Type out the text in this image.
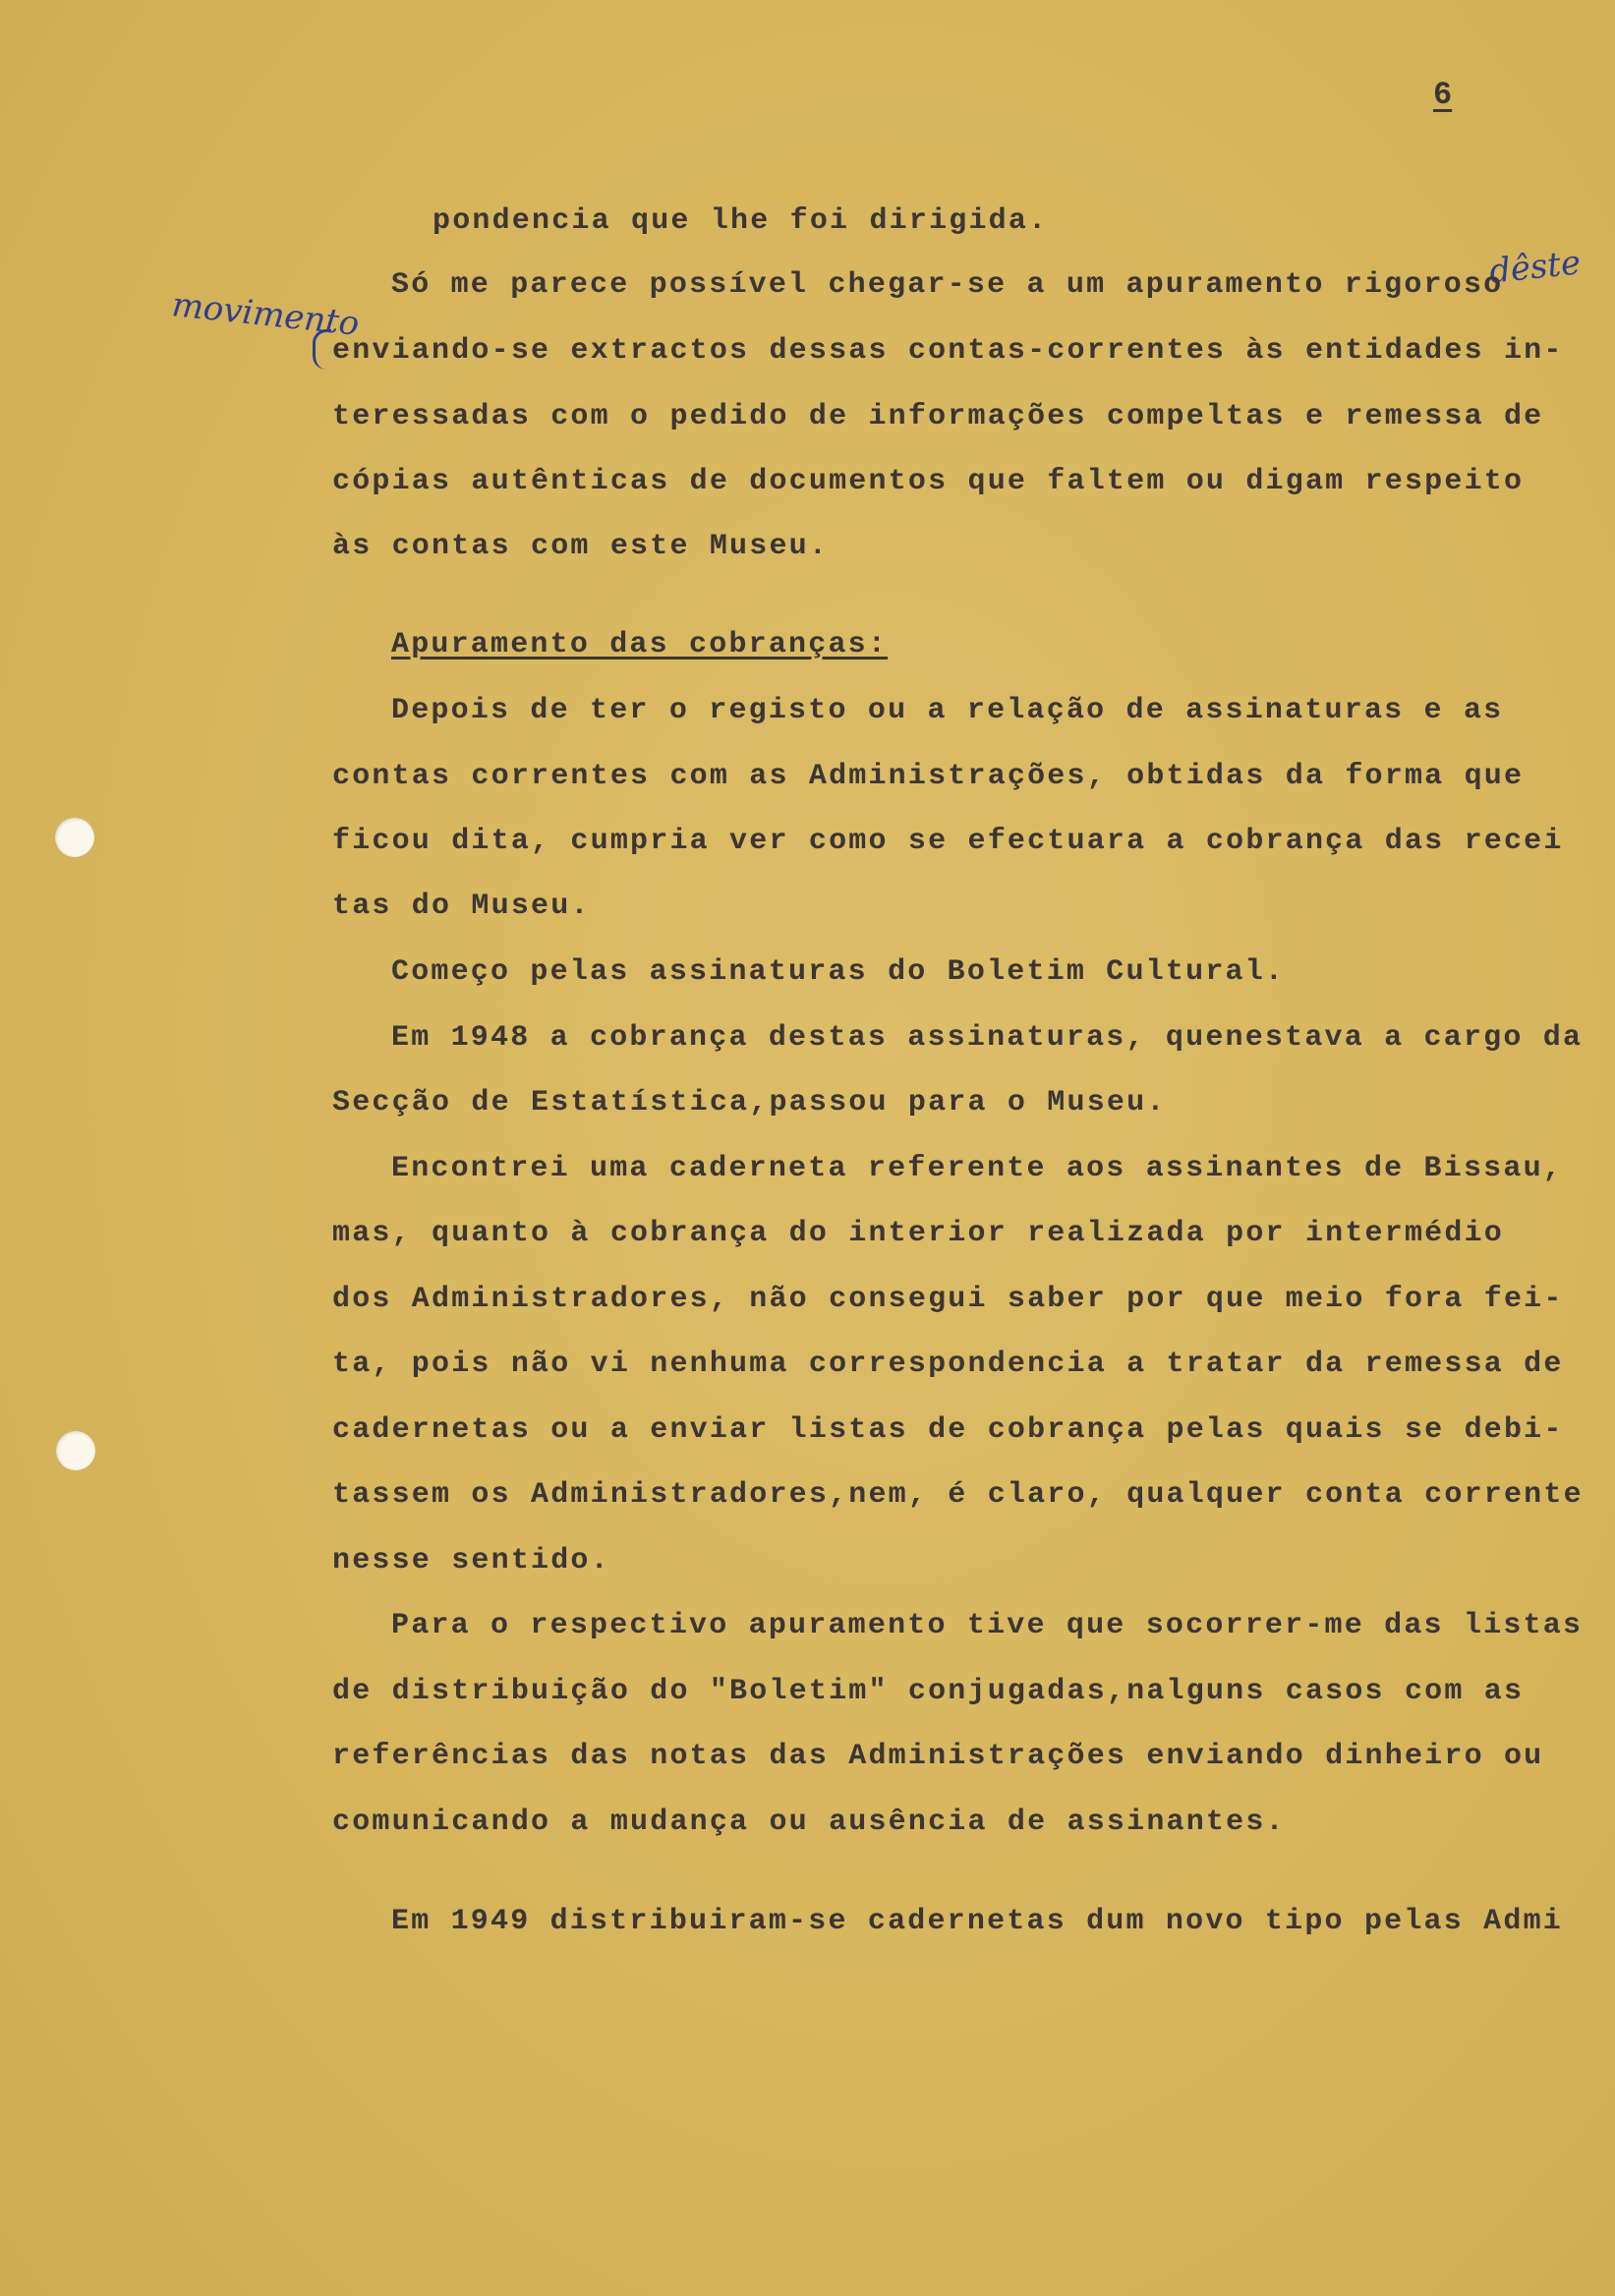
6
movimento
dêste
pondencia que lhe foi dirigida.
Só me parece possível chegar-se a um apuramento rigoroso
enviando-se extractos dessas contas-correntes às entidades in-
teressadas com o pedido de informações compeltas e remessa de
cópias autênticas de documentos que faltem ou digam respeito
às contas com este Museu.
Apuramento das cobranças:
Depois de ter o registo ou a relação de assinaturas e as
contas correntes com as Administrações, obtidas da forma que
ficou dita, cumpria ver como se efectuara a cobrança das recei
tas do Museu.
Começo pelas assinaturas do Boletim Cultural.
Em 1948 a cobrança destas assinaturas, quenestava a cargo da
Secção de Estatística,passou para o Museu.
Encontrei uma caderneta referente aos assinantes de Bissau,
mas, quanto à cobrança do interior realizada por intermédio
dos Administradores, não consegui saber por que meio fora fei-
ta, pois não vi nenhuma correspondencia a tratar da remessa de
cadernetas ou a enviar listas de cobrança pelas quais se debi-
tassem os Administradores,nem, é claro, qualquer conta corrente
nesse sentido.
Para o respectivo apuramento tive que socorrer-me das listas
de distribuição do "Boletim" conjugadas,nalguns casos com as
referências das notas das Administrações enviando dinheiro ou
comunicando a mudança ou ausência de assinantes.
Em 1949 distribuiram-se cadernetas dum novo tipo pelas Admi
